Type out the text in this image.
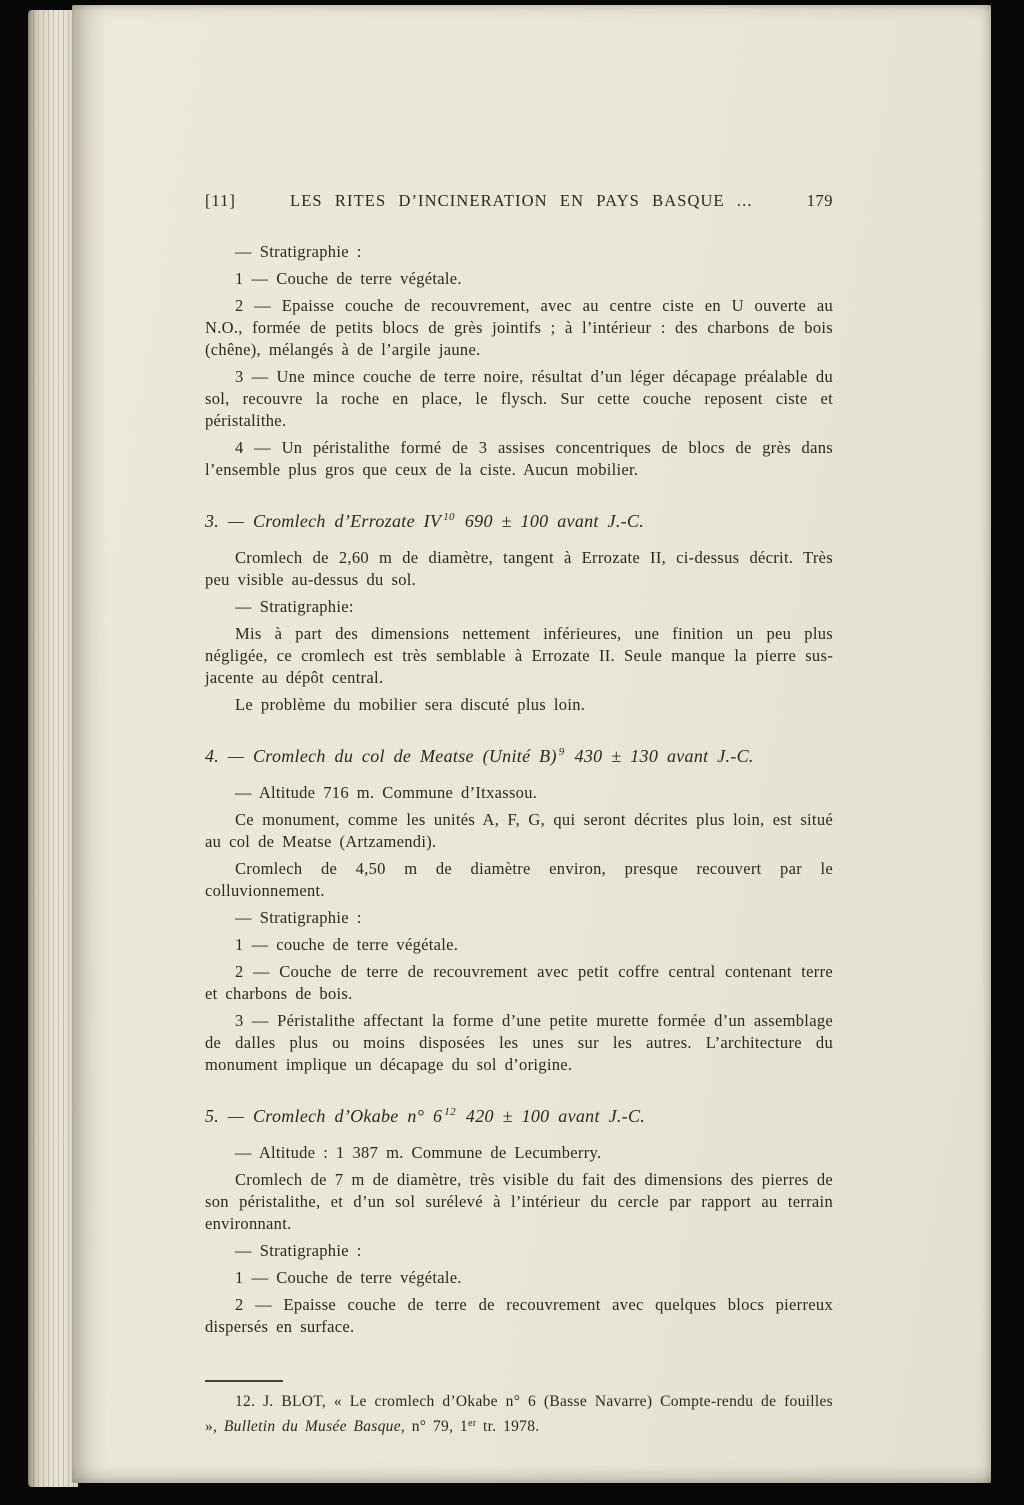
[11]	LES RITES D’INCINERATION EN PAYS BASQUE ...	179

— Stratigraphie :

1 — Couche de terre végétale.

2 — Epaisse couche de recouvrement, avec au centre ciste en U ouverte au N.O., formée de petits blocs de grès jointifs ; à l’intérieur : des charbons de bois (chêne), mélangés à de l’argile jaune.

3 — Une mince couche de terre noire, résultat d’un léger décapage préalable du sol, recouvre la roche en place, le flysch. Sur cette couche reposent ciste et péristalithe.

4 — Un péristalithe formé de 3 assises concentriques de blocs de grès dans l’ensemble plus gros que ceux de la ciste. Aucun mobilier.

3. — Cromlech d’Errozate IV $^{10}$ 690 ± 100 avant J.-C.

Cromlech de 2,60 m de diamètre, tangent à Errozate II, ci-dessus décrit. Très peu visible au-dessus du sol.

— Stratigraphie:

Mis à part des dimensions nettement inférieures, une finition un peu plus négligée, ce cromlech est très semblable à Errozate II. Seule manque la pierre sus-jacente au dépôt central.

Le problème du mobilier sera discuté plus loin.

4. — Cromlech du col de Meatse (Unité B) $^9$ 430 ± 130 avant J.-C.

— Altitude 716 m. Commune d’Itxassou.

Ce monument, comme les unités A, F, G, qui seront décrites plus loin, est situé au col de Meatse (Artzamendi).

Cromlech de 4,50 m de diamètre environ, presque recouvert par le colluvionnement.

— Stratigraphie :

1 — couche de terre végétale.

2 — Couche de terre de recouvrement avec petit coffre central contenant terre et charbons de bois.

3 — Péristalithe affectant la forme d’une petite murette formée d’un assemblage de dalles plus ou moins disposées les unes sur les autres. L’architecture du monument implique un décapage du sol d’origine.

5. — Cromlech d’Okabe n° 6 $^{12}$ 420 ± 100 avant J.-C.

— Altitude : 1 387 m. Commune de Lecumberry.

Cromlech de 7 m de diamètre, très visible du fait des dimensions des pierres de son péristalithe, et d’un sol surélevé à l’intérieur du cercle par rapport au terrain environnant.

— Stratigraphie :

1 — Couche de terre végétale.

2 — Epaisse couche de terre de recouvrement avec quelques blocs pierreux dispersés en surface.

12. J. BLOT, « Le cromlech d’Okabe n° 6 (Basse Navarre) Compte-rendu de fouilles », Bulletin du Musée Basque, n° 79, 1er tr. 1978.
